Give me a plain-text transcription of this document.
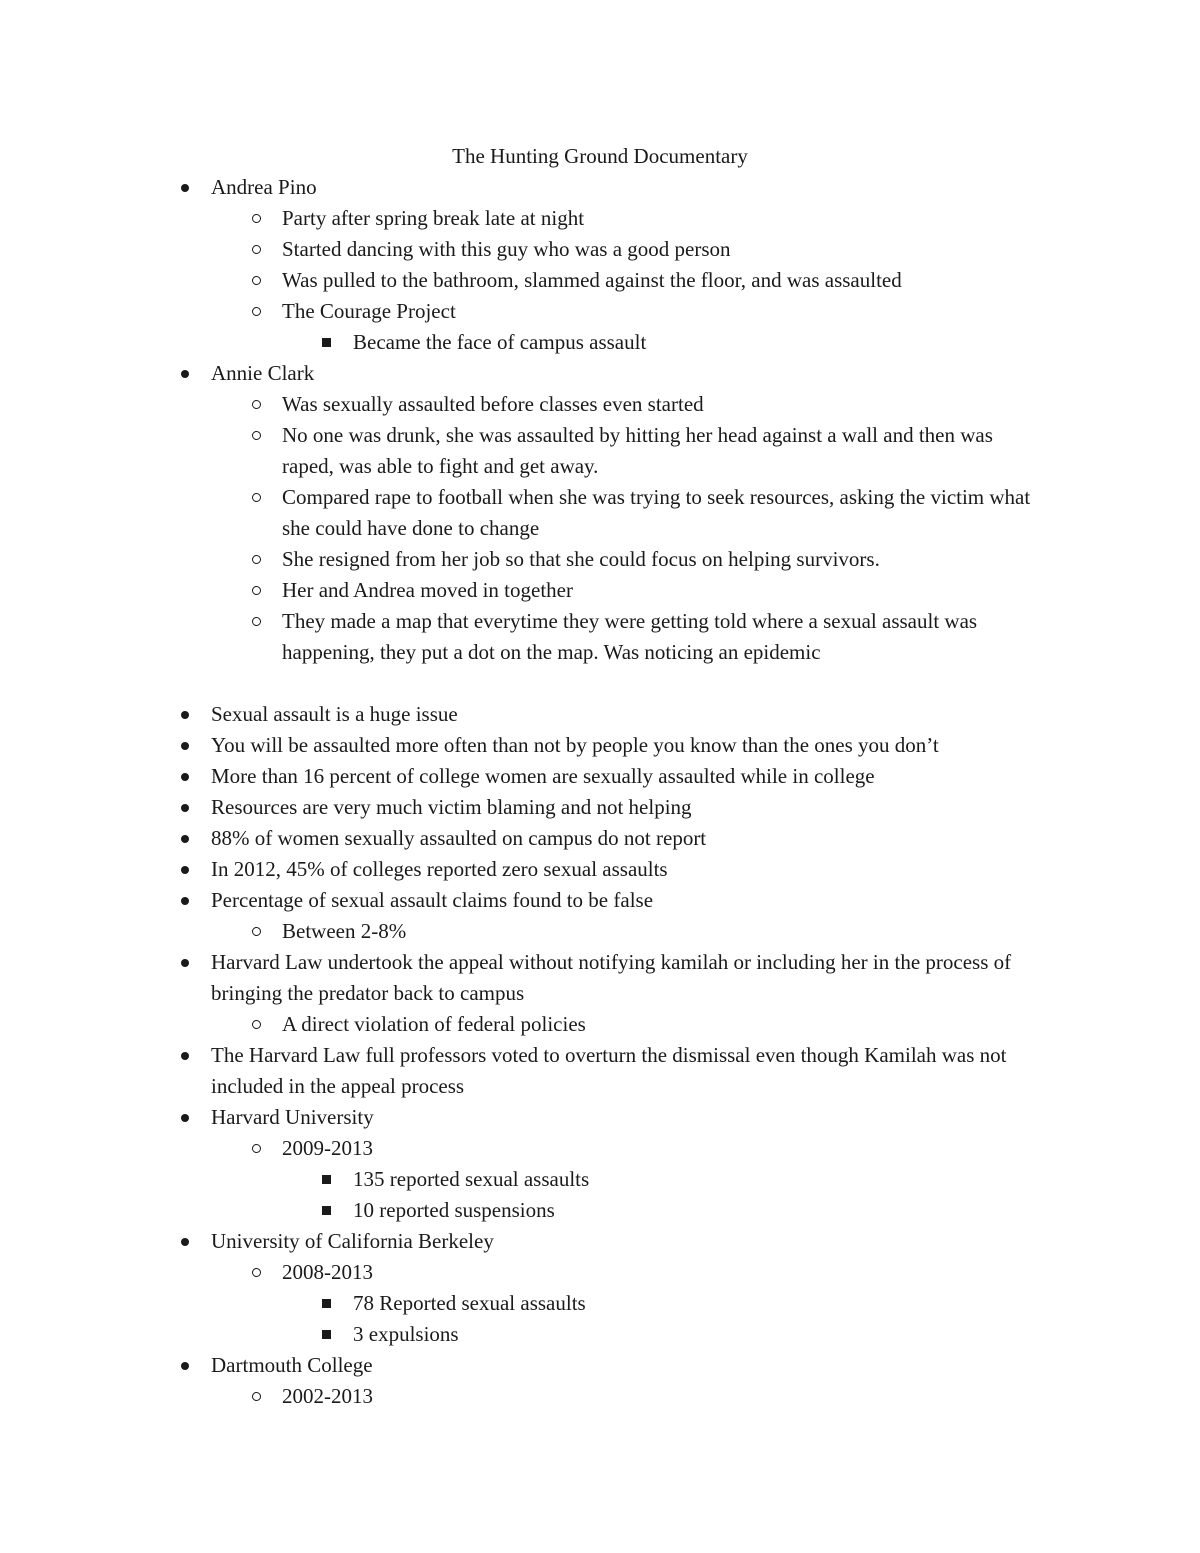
The Hunting Ground Documentary
Andrea Pino
Party after spring break late at night
Started dancing with this guy who was a good person
Was pulled to the bathroom, slammed against the floor, and was assaulted
The Courage Project
Became the face of campus assault
Annie Clark
Was sexually assaulted before classes even started
No one was drunk, she was assaulted by hitting her head against a wall and then was raped, was able to fight and get away.
Compared rape to football when she was trying to seek resources, asking the victim what she could have done to change
She resigned from her job so that she could focus on helping survivors.
Her and Andrea moved in together
They made a map that everytime they were getting told where a sexual assault was happening, they put a dot on the map. Was noticing an epidemic
Sexual assault is a huge issue
You will be assaulted more often than not by people you know than the ones you don’t
More than 16 percent of college women are sexually assaulted while in college
Resources are very much victim blaming and not helping
88% of women sexually assaulted on campus do not report
In 2012, 45% of colleges reported zero sexual assaults
Percentage of sexual assault claims found to be false
Between 2-8%
Harvard Law undertook the appeal without notifying kamilah or including her in the process of bringing the predator back to campus
A direct violation of federal policies
The Harvard Law full professors voted to overturn the dismissal even though Kamilah was not included in the appeal process
Harvard University
2009-2013
135 reported sexual assaults
10 reported suspensions
University of California Berkeley
2008-2013
78 Reported sexual assaults
3 expulsions
Dartmouth College
2002-2013
